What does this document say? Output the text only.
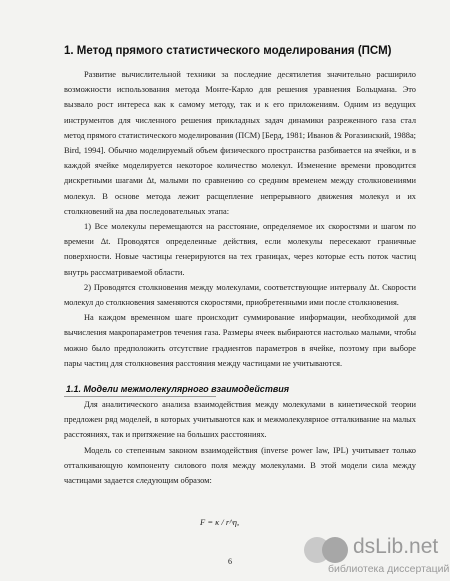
1. Метод прямого статистического моделирования (ПСМ)

Развитие вычислительной техники за последние десятилетия значительно расширило возможности использования метода Монте-Карло для решения уравнения Больцмана. Это вызвало рост интереса как к самому методу, так и к его приложениям. Одним из ведущих инструментов для численного решения прикладных задач динамики разреженного газа стал метод прямого статистического моделирования (ПСМ) [Берд, 1981; Иванов & Рогазинский, 1988а; Bird, 1994]. Обычно моделируемый объем физического пространства разбивается на ячейки, и в каждой ячейке моделируется некоторое количество молекул. Изменение времени проводится дискретными шагами Δt, малыми по сравнению со средним временем между столкновениями молекул. В основе метода лежит расщепление непрерывного движения молекул и их столкновений на два последовательных этапа:

1) Все молекулы перемещаются на расстояние, определяемое их скоростями и шагом по времени Δt. Проводятся определенные действия, если молекулы пересекают граничные поверхности. Новые частицы генерируются на тех границах, через которые есть поток частиц внутрь рассматриваемой области.

2) Проводятся столкновения между молекулами, соответствующие интервалу Δt. Скорости молекул до столкновения заменяются скоростями, приобретенными ими после столкновения.

На каждом временном шаге происходит суммирование информации, необходимой для вычисления макропараметров течения газа. Размеры ячеек выбираются настолько малыми, чтобы можно было предположить отсутствие градиентов параметров в ячейке, поэтому при выборе пары частиц для столкновения расстояния между частицами не учитываются.

1.1. Модели межмолекулярного взаимодействия

Для аналитического анализа взаимодействия между молекулами в кинетической теории предложен ряд моделей, в которых учитываются как и межмолекулярное отталкивание на малых расстояниях, так и притяжение на больших расстояниях.

Модель со степенным законом взаимодействия (inverse power law, IPL) учитывает только отталкивающую компоненту силового поля между молекулами. В этой модели сила между частицами задается следующим образом:

F = κ / r^η,
6
dsLib.net
библиотека диссертаций
